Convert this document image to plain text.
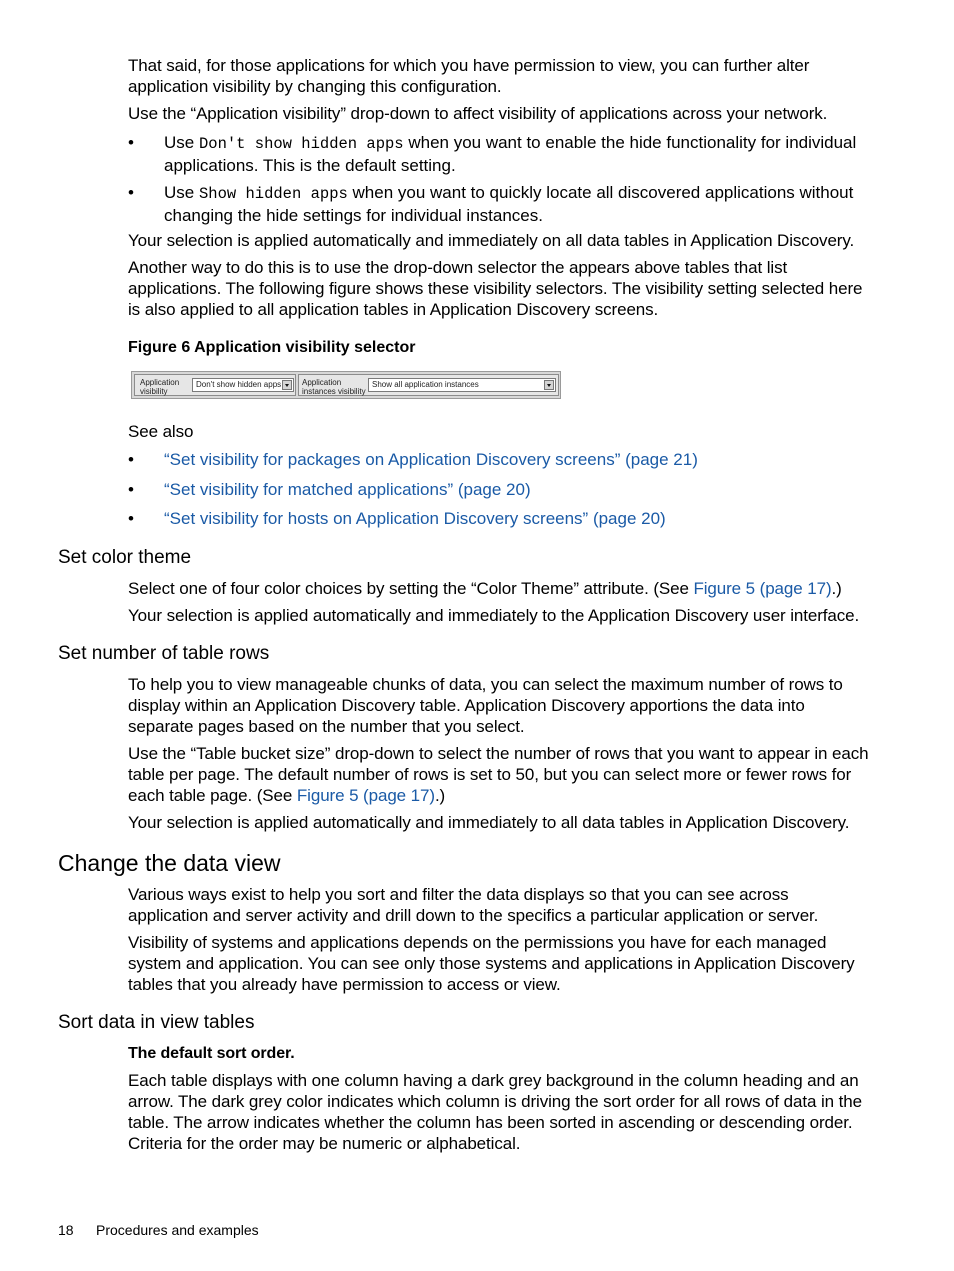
That said, for those applications for which you have permission to view, you can further alter application visibility by changing this configuration.

Use the “Application visibility” drop-down to affect visibility of applications across your network.

• Use Don't show hidden apps when you want to enable the hide functionality for individual applications. This is the default setting.
• Use Show hidden apps when you want to quickly locate all discovered applications without changing the hide settings for individual instances.

Your selection is applied automatically and immediately on all data tables in Application Discovery.

Another way to do this is to use the drop-down selector the appears above tables that list applications. The following figure shows these visibility selectors. The visibility setting selected here is also applied to all application tables in Application Discovery screens.

Figure 6 Application visibility selector
Application
visibility
Don't show hidden apps	Application
instances visibility
Show all application instances

See also

• “Set visibility for packages on Application Discovery screens” (page 21)
• “Set visibility for matched applications” (page 20)
• “Set visibility for hosts on Application Discovery screens” (page 20)
Set color theme

Select one of four color choices by setting the “Color Theme” attribute. (See Figure 5 (page 17).)

Your selection is applied automatically and immediately to the Application Discovery user interface.

Set number of table rows

To help you to view manageable chunks of data, you can select the maximum number of rows to display within an Application Discovery table. Application Discovery apportions the data into separate pages based on the number that you select.

Use the “Table bucket size” drop-down to select the number of rows that you want to appear in each table per page. The default number of rows is set to 50, but you can select more or fewer rows for each table page. (See Figure 5 (page 17).)

Your selection is applied automatically and immediately to all data tables in Application Discovery.

Change the data view

Various ways exist to help you sort and filter the data displays so that you can see across application and server activity and drill down to the specifics a particular application or server.

Visibility of systems and applications depends on the permissions you have for each managed system and application. You can see only those systems and applications in Application Discovery tables that you already have permission to access or view.

Sort data in view tables

The default sort order.

Each table displays with one column having a dark grey background in the column heading and an arrow. The dark grey color indicates which column is driving the sort order for all rows of data in the table. The arrow indicates whether the column has been sorted in ascending or descending order. Criteria for the order may be numeric or alphabetical.

18 Procedures and examples
